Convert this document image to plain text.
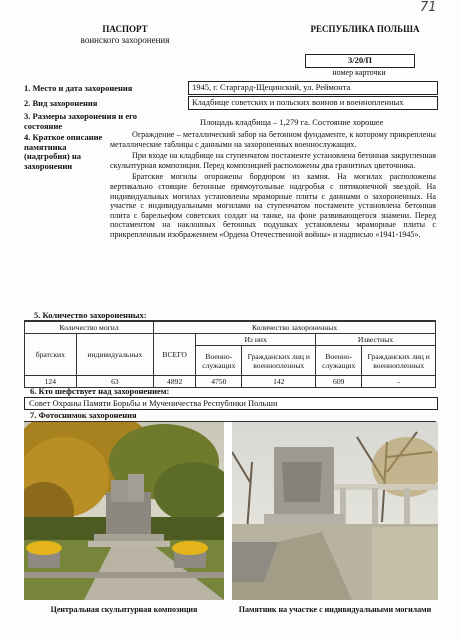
71
ПАСПОРТ
воинского захоронения
РЕСПУБЛИКА ПОЛЬША
3/20/П
номер карточки
1. Место и дата захоронения	1945, г. Старгард-Щецинский, ул. Реймонта
2. Вид захоронения	Кладбище советских и польских воинов и военнопленных
3. Размеры захоронения и его состояние	Площадь кладбища – 1,279 га. Состояние хорошее
4. Краткое описание памятника (надгробия) на захоронении

Ограждение – металлический забор на бетонном фундаменте, к которому прикреплены металлические таблицы с данными на захороненных военнослужащих.

При входе на кладбище на ступенчатом постаменте установлена бетонная закругленная скульптурная композиция. Перед композицией расположены два гранитных цветочника.

Братские могилы огорожены бордюром из камня. На могилах расположены вертикально стоящие бетонные прямоугольные надгробья с пятиконечной звездой. На индивидуальных могилах установлены мраморные плиты с данными о захороненных. На участке с индивидуальными могилами на ступенчатом постаменте установлена бетонная плита с барельефом советских солдат на танке, на фоне развивающегося знамени. Перед постаментом на наклонных бетонных подушках установлены мраморные плиты с прикрепленным изображением «Ордена Отечественной войны» и надписью «1941-1945».

5. Количество захороненных:
Количество могил		Количество захороненных				
братских	индивидуальных	ВСЕГО	Из них		Известных	
			Военно-служащих	Гражданских лиц и военнопленных	Военно-служащих	Гражданских лиц и военнопленных
124	63	4892	4750	142	609	-
6. Кто шефствует над захоронением:
Совет Охраны Памяти Борьбы и Мученичества Республики Польши
7. Фотоснимок захоронения
Центральная скульптурная композиция	Памятник на участке с индивидуальными могилами
